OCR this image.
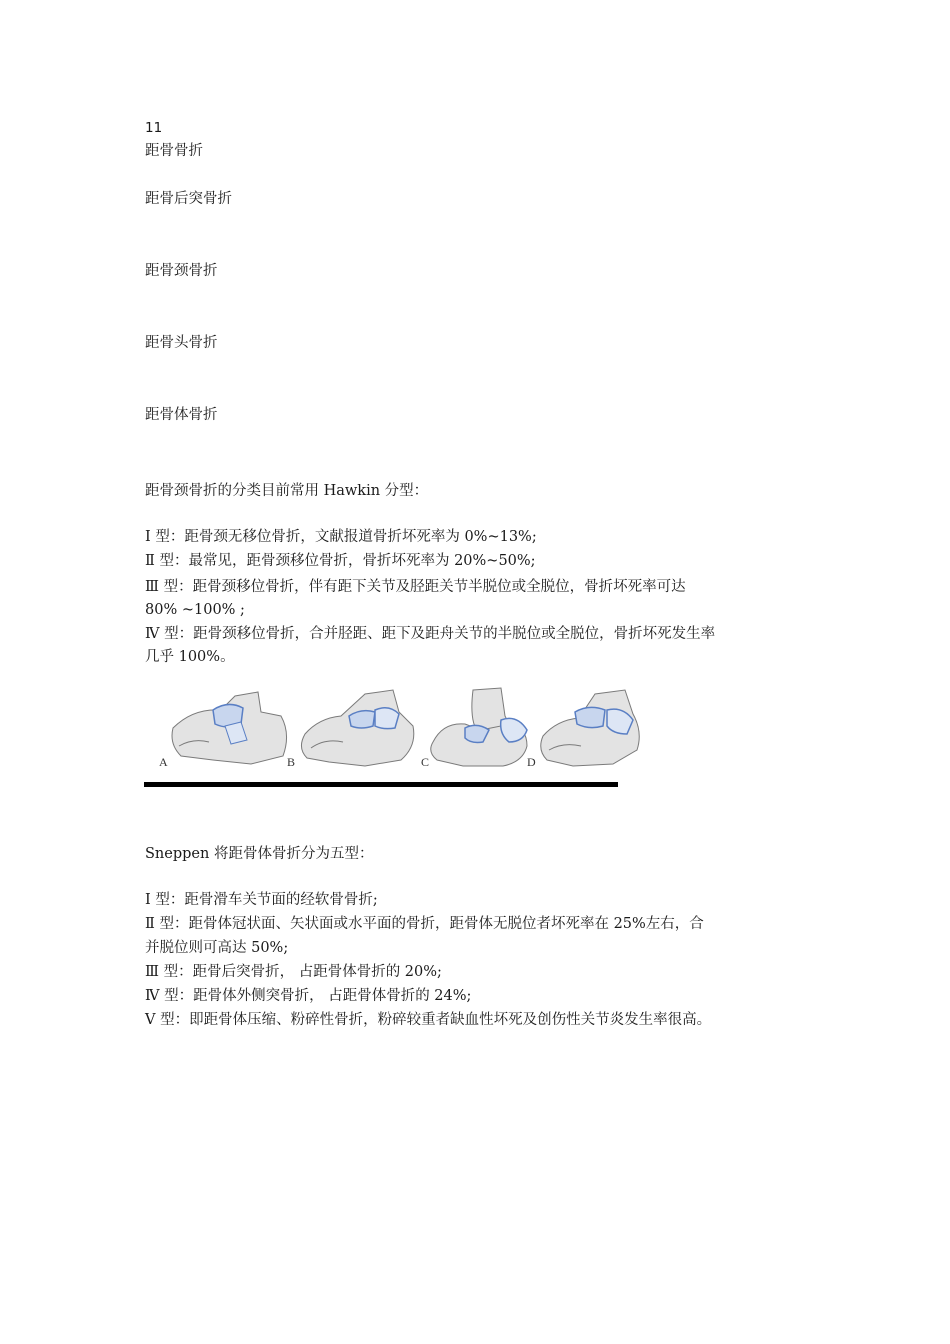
11
距骨骨折
距骨后突骨折
距骨颈骨折
距骨头骨折
距骨体骨折
距骨颈骨折的分类目前常用 Hawkin 分型：
Ⅰ 型：距骨颈无移位骨折，文献报道骨折坏死率为 0%~13%;
Ⅱ 型：最常见，距骨颈移位骨折，骨折坏死率为 20%~50%;
Ⅲ 型：距骨颈移位骨折，伴有距下关节及胫距关节半脱位或全脱位，骨折坏死率可达
80% ~100% ;
Ⅳ 型：距骨颈移位骨折，合并胫距、距下及距舟关节的半脱位或全脱位，骨折坏死发生率
几乎 100%。
A	B	C	D
Sneppen 将距骨体骨折分为五型：
Ⅰ 型：距骨滑车关节面的经软骨骨折;
Ⅱ 型：距骨体冠状面、矢状面或水平面的骨折，距骨体无脱位者坏死率在 25%左右，合
并脱位则可高达 50%;
Ⅲ 型：距骨后突骨折， 占距骨体骨折的 20%;
Ⅳ 型：距骨体外侧突骨折， 占距骨体骨折的 24%;
Ⅴ 型：即距骨体压缩、粉碎性骨折，粉碎较重者缺血性坏死及创伤性关节炎发生率很高。
